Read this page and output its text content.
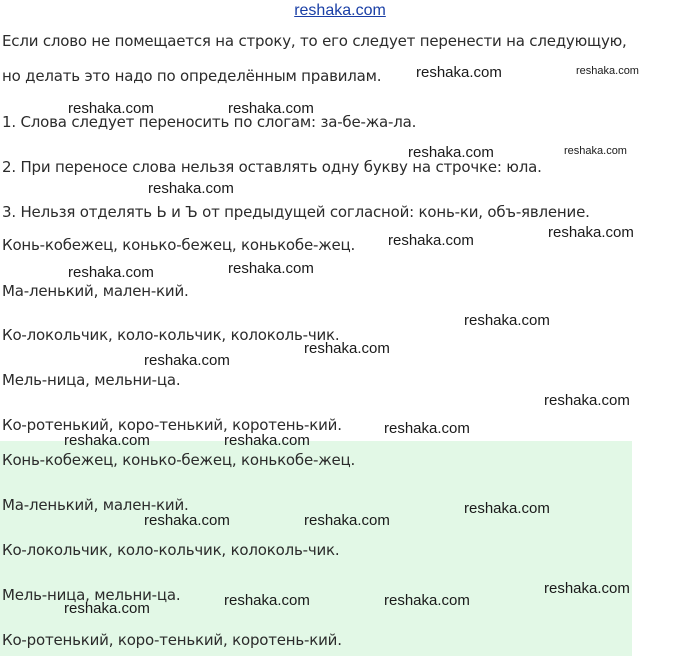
reshaka.com
Если слово не помещается на строку, то его следует перенести на следующую,
но делать это надо по определённым правилам.
1. Слова следует переносить по слогам: за-бе-жа-ла.
2. При переносе слова нельзя оставлять одну букву на строчке: юла.
3. Нельзя отделять Ь и Ъ от предыдущей согласной: конь-ки, объ-явление.
Конь-кобежец, конько-бежец, конькобе-жец.
Ма-ленький, мален-кий.
Ко-локольчик, коло-кольчик, колоколь-чик.
Мель-ница, мельни-ца.
Ко-ротенький, коро-тенький, коротень-кий.
Конь-кобежец, конько-бежец, конькобе-жец.
Ма-ленький, мален-кий.
Ко-локольчик, коло-кольчик, колоколь-чик.
Мель-ница, мельни-ца.
Ко-ротенький, коро-тенький, коротень-кий.
reshaka.com	reshaka.com
reshaka.com	reshaka.com
reshaka.com	reshaka.com
reshaka.com
reshaka.com	reshaka.com
reshaka.com	reshaka.com
reshaka.com
reshaka.com
reshaka.com
reshaka.com
reshaka.com
reshaka.com	reshaka.com
reshaka.com
reshaka.com	reshaka.com
reshaka.com
reshaka.com	reshaka.com
reshaka.com
